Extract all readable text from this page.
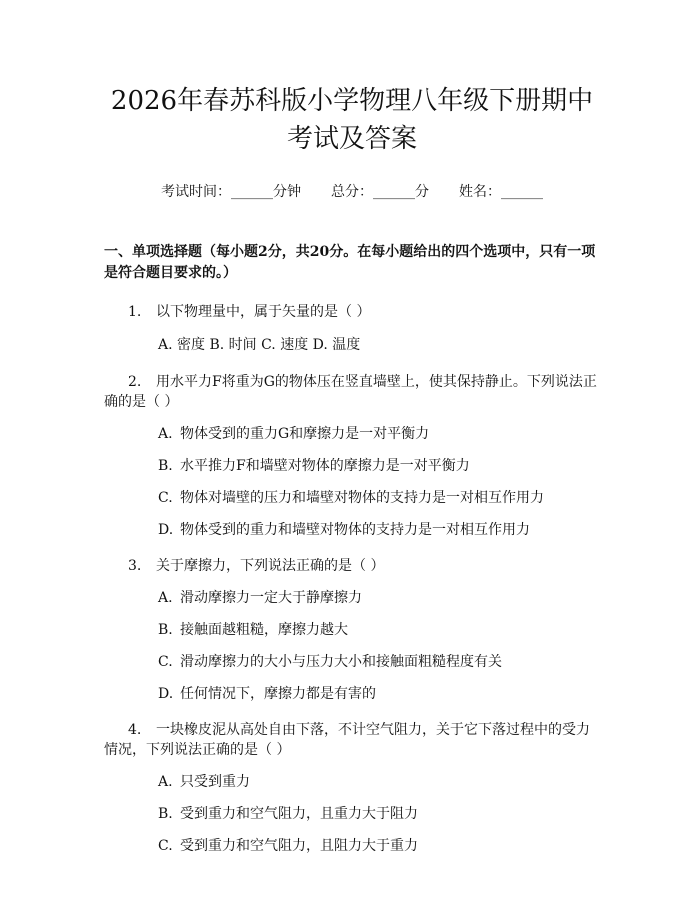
2026年春苏科版小学物理八年级下册期中考试及答案
考试时间：______分钟 总分：______分 姓名：______
一、单项选择题（每小题2分，共20分。在每小题给出的四个选项中，只有一项是符合题目要求的。）
1. 以下物理量中，属于矢量的是（ ）
A. 密度 B. 时间 C. 速度 D. 温度
2. 用水平力F将重为G的物体压在竖直墙壁上，使其保持静止。下列说法正确的是（ ）
A. 物体受到的重力G和摩擦力是一对平衡力
B. 水平推力F和墙壁对物体的摩擦力是一对平衡力
C. 物体对墙壁的压力和墙壁对物体的支持力是一对相互作用力
D. 物体受到的重力和墙壁对物体的支持力是一对相互作用力
3. 关于摩擦力，下列说法正确的是（ ）
A. 滑动摩擦力一定大于静摩擦力
B. 接触面越粗糙，摩擦力越大
C. 滑动摩擦力的大小与压力大小和接触面粗糙程度有关
D. 任何情况下，摩擦力都是有害的
4. 一块橡皮泥从高处自由下落，不计空气阻力，关于它下落过程中的受力情况，下列说法正确的是（ ）
A. 只受到重力
B. 受到重力和空气阻力，且重力大于阻力
C. 受到重力和空气阻力，且阻力大于重力
